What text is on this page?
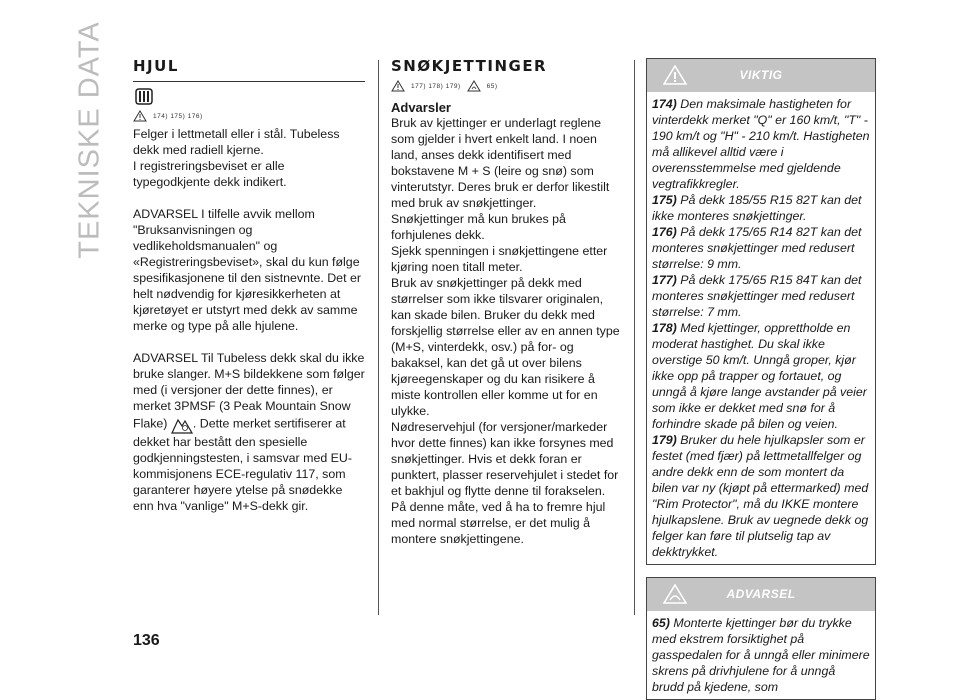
TEKNISKE DATA HJUL
174) 175) 176)

Felger i lettmetall eller i stål. Tubeless dekk med radiell kjerne.

I registreringsbeviset er alle typegodkjente dekk indikert.

ADVARSEL I tilfelle avvik mellom "Bruksanvisningen og vedlikeholdsmanualen" og «Registreringsbeviset», skal du kun følge spesifikasjonene til den sistnevnte. Det er helt nødvendig for kjøresikkerheten at kjøretøyet er utstyrt med dekk av samme merke og type på alle hjulene.

ADVARSEL Til Tubeless dekk skal du ikke bruke slanger. M+S bildekkene som følger med (i versjoner der dette finnes), er merket 3PMSF (3 Peak Mountain Snow Flake) . Dette merket sertifiserer at dekket har bestått den spesielle godkjenningstesten, i samsvar med EU-kommisjonens ECE-regulativ 117, som garanterer høyere ytelse på snødekke enn hva "vanlige" M+S-dekk gir.

SNØKJETTINGER
177) 178) 179)	65)
Advarsler

Bruk av kjettinger er underlagt reglene som gjelder i hvert enkelt land. I noen land, anses dekk identifisert med bokstavene M + S (leire og snø) som vinterutstyr. Deres bruk er derfor likestilt med bruk av snøkjettinger.

Snøkjettinger må kun brukes på forhjulenes dekk.

Sjekk spenningen i snøkjettingene etter kjøring noen titall meter.

Bruk av snøkjettinger på dekk med størrelser som ikke tilsvarer originalen, kan skade bilen. Bruker du dekk med forskjellig størrelse eller av en annen type (M+S, vinterdekk, osv.) på for- og bakaksel, kan det gå ut over bilens kjøreegenskaper og du kan risikere å miste kontrollen eller komme ut for en ulykke.

Nødreservehjul (for versjoner/markeder hvor dette finnes) kan ikke forsynes med snøkjettinger. Hvis et dekk foran er punktert, plasser reservehjulet i stedet for et bakhjul og flytte denne til forakselen. På denne måte, ved å ha to fremre hjul med normal størrelse, er det mulig å montere snøkjettingene.

VIKTIG

174) Den maksimale hastigheten for vinterdekk merket "Q" er 160 km/t, "T" - 190 km/t og "H" - 210 km/t. Hastigheten må allikevel alltid være i overensstemmelse med gjeldende vegtrafikkregler.

175) På dekk 185/55 R15 82T kan det ikke monteres snøkjettinger.

176) På dekk 175/65 R14 82T kan det monteres snøkjettinger med redusert størrelse: 9 mm.

177) På dekk 175/65 R15 84T kan det monteres snøkjettinger med redusert størrelse: 7 mm.

178) Med kjettinger, opprettholde en moderat hastighet. Du skal ikke overstige 50 km/t. Unngå groper, kjør ikke opp på trapper og fortauet, og unngå å kjøre lange avstander på veier som ikke er dekket med snø for å forhindre skade på bilen og veien.

179) Bruker du hele hjulkapsler som er festet (med fjær) på lettmetallfelger og andre dekk enn de som montert da bilen var ny (kjøpt på ettermarked) med "Rim Protector", må du IKKE montere hjulkapslene. Bruk av uegnede dekk og felger kan føre til plutselig tap av dekktrykket.

ADVARSEL

65) Monterte kjettinger bør du trykke med ekstrem forsiktighet på gasspedalen for å unngå eller minimere skrens på drivhjulene for å unngå brudd på kjedene, som

136
